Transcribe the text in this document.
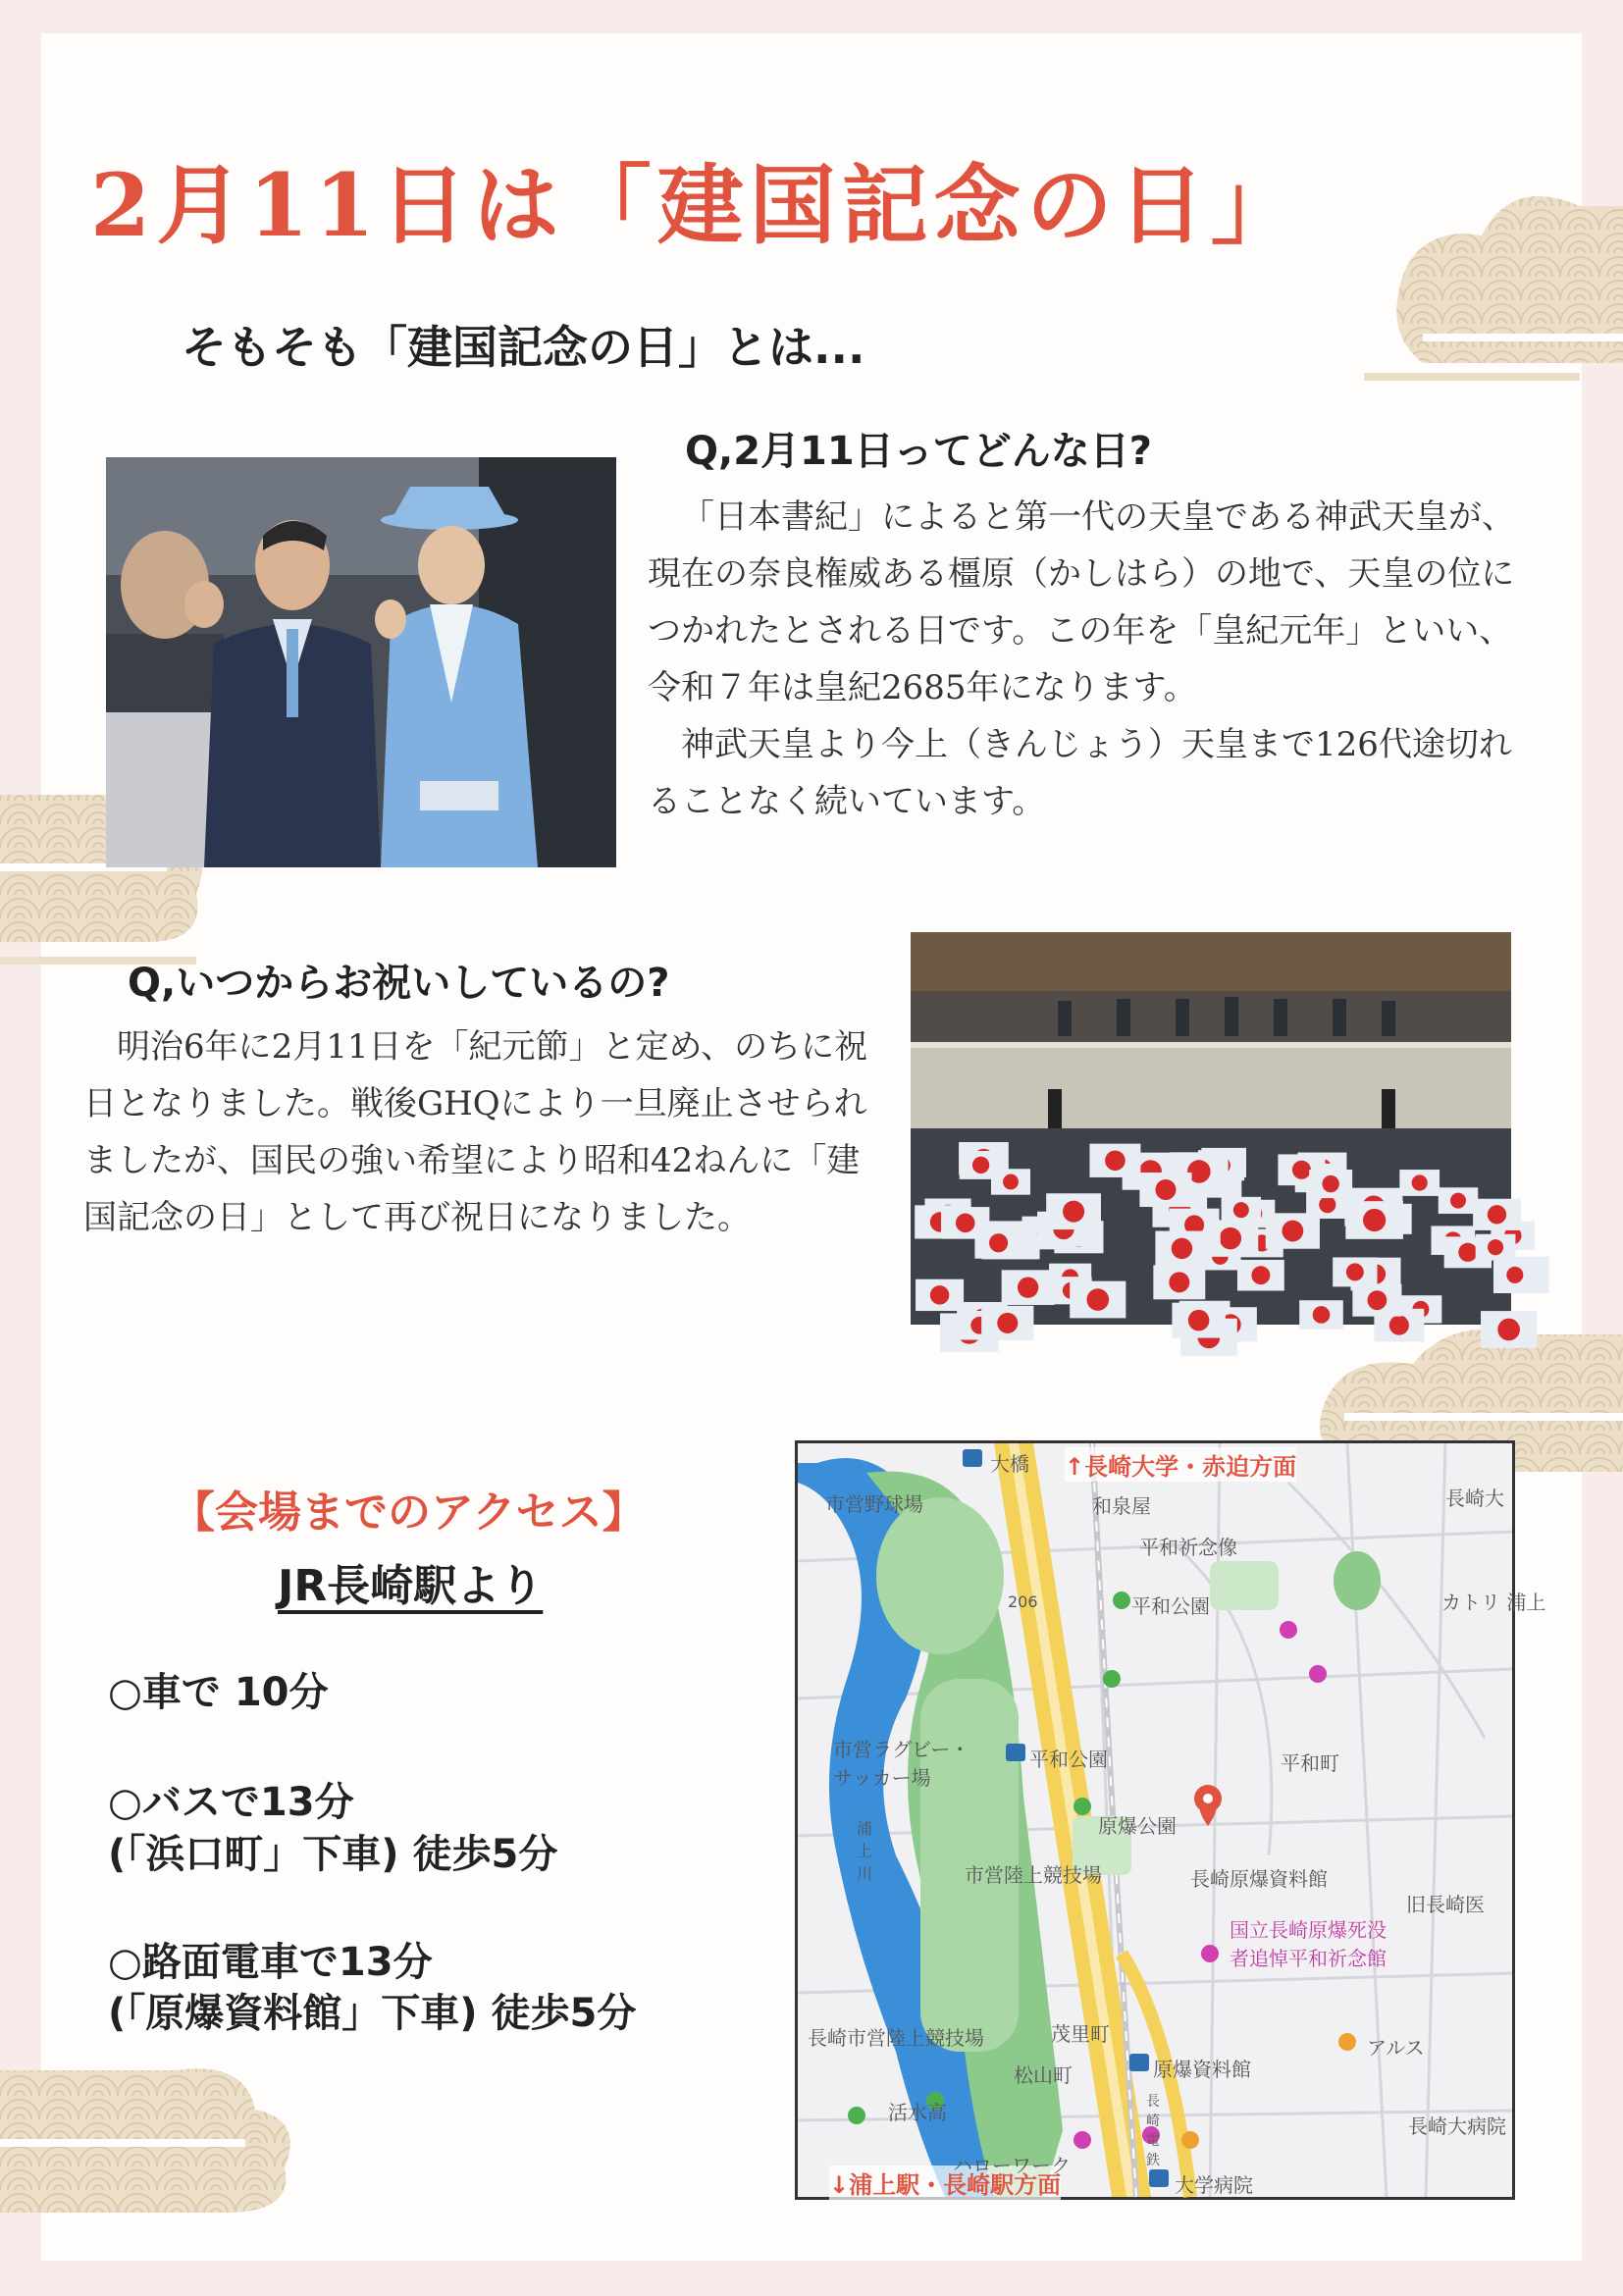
2月11日は「建国記念の日」
そもそも「建国記念の日」とは...
Q,2月11日ってどんな日?

「日本書紀」によると第一代の天皇である神武天皇が、現在の奈良権威ある橿原（かしはら）の地で、天皇の位につかれたとされる日です。この年を「皇紀元年」といい、令和７年は皇紀2685年になります。

神武天皇より今上（きんじょう）天皇まで126代途切れることなく続いています。

Q,いつからお祝いしているの?

明治6年に2月11日を「紀元節」と定め、のちに祝日となりました。戦後GHQにより一旦廃止させられましたが、国民の強い希望により昭和42ねんに「建国記念の日」として再び祝日になりました。

【会場までのアクセス】
JR長崎駅より
○車で 10分
○バスで13分
(「浜口町」下車) 徒歩5分
○路面電車で13分
(「原爆資料館」下車) 徒歩5分
↑長崎大学・赤迫方面
↓浦上駅・長崎駅方面
大橋
和泉屋
市営野球場
平和祈念像
平和公園	カトリ 浦上
206
市営ラグビー・サッカー場
平和公園	平和町
原爆公園
市営陸上競技場	長崎原爆資料館
旧長崎医
国立長崎原爆死没者追悼平和祈念館
長崎市営陸上競技場	茂里町
原爆資料館
アルス
浦上川
松山町
活水高	長崎電鉄
大学病院
ハローワーク
長崎大
長崎大病院
